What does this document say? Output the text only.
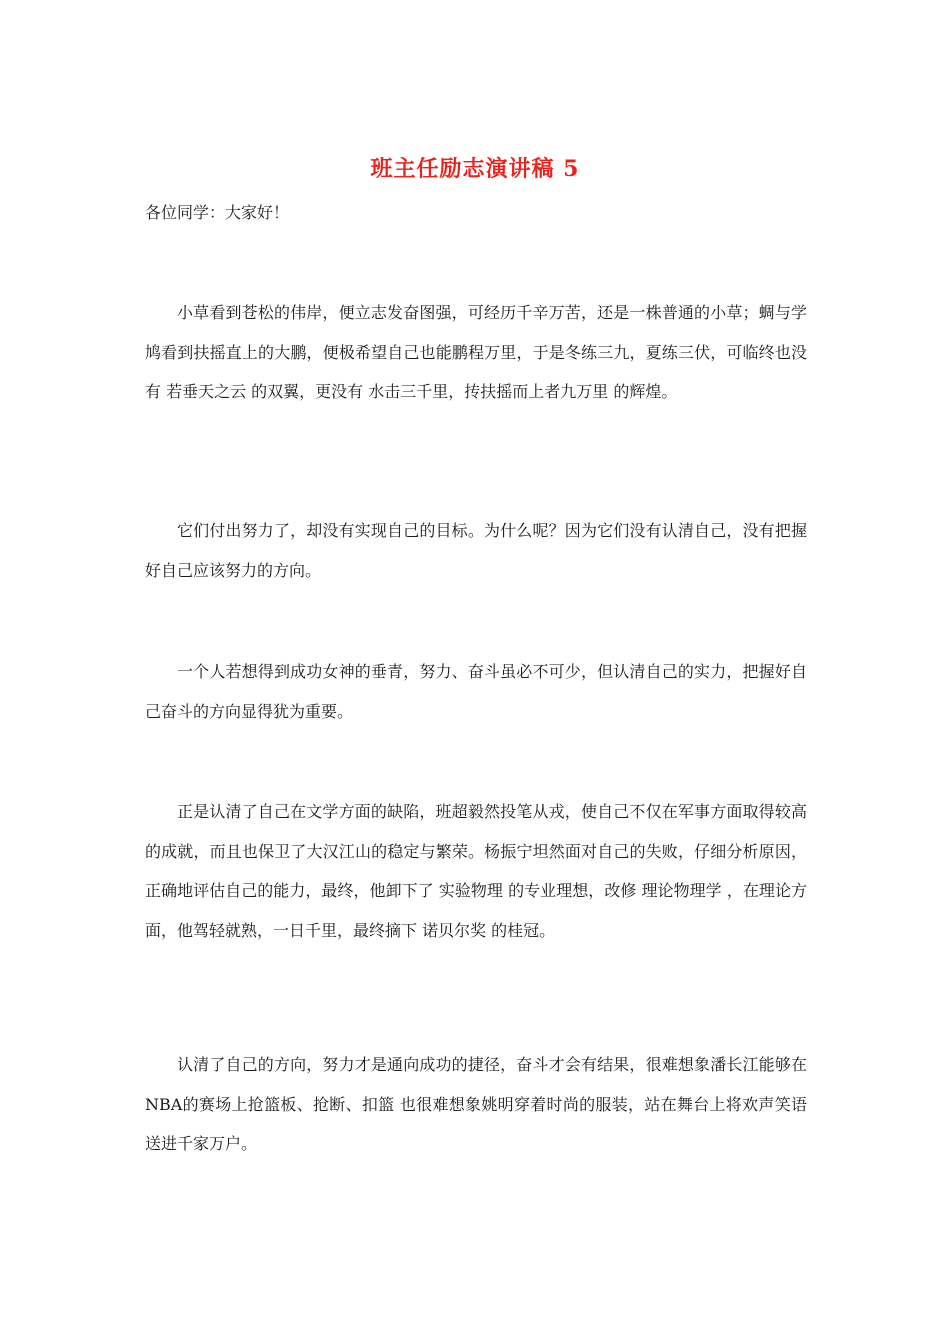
班主任励志演讲稿 5

各位同学：大家好！

小草看到苍松的伟岸，便立志发奋图强，可经历千辛万苦，还是一株普通的小草；蜩与学鸠看到扶摇直上的大鹏，便极希望自己也能鹏程万里，于是冬练三九，夏练三伏，可临终也没有 若垂天之云 的双翼，更没有 水击三千里，抟扶摇而上者九万里 的辉煌。

它们付出努力了，却没有实现自己的目标。为什么呢？因为它们没有认清自己，没有把握好自己应该努力的方向。

一个人若想得到成功女神的垂青，努力、奋斗虽必不可少，但认清自己的实力，把握好自己奋斗的方向显得犹为重要。

正是认清了自己在文学方面的缺陷，班超毅然投笔从戎，使自己不仅在军事方面取得较高的成就，而且也保卫了大汉江山的稳定与繁荣。杨振宁坦然面对自己的失败，仔细分析原因，正确地评估自己的能力，最终，他卸下了 实验物理 的专业理想，改修 理论物理学 ，在理论方面，他驾轻就熟，一日千里，最终摘下 诺贝尔奖 的桂冠。

认清了自己的方向，努力才是通向成功的捷径，奋斗才会有结果，很难想象潘长江能够在NBA的赛场上抢篮板、抢断、扣篮 也很难想象姚明穿着时尚的服装，站在舞台上将欢声笑语送进千家万户。
